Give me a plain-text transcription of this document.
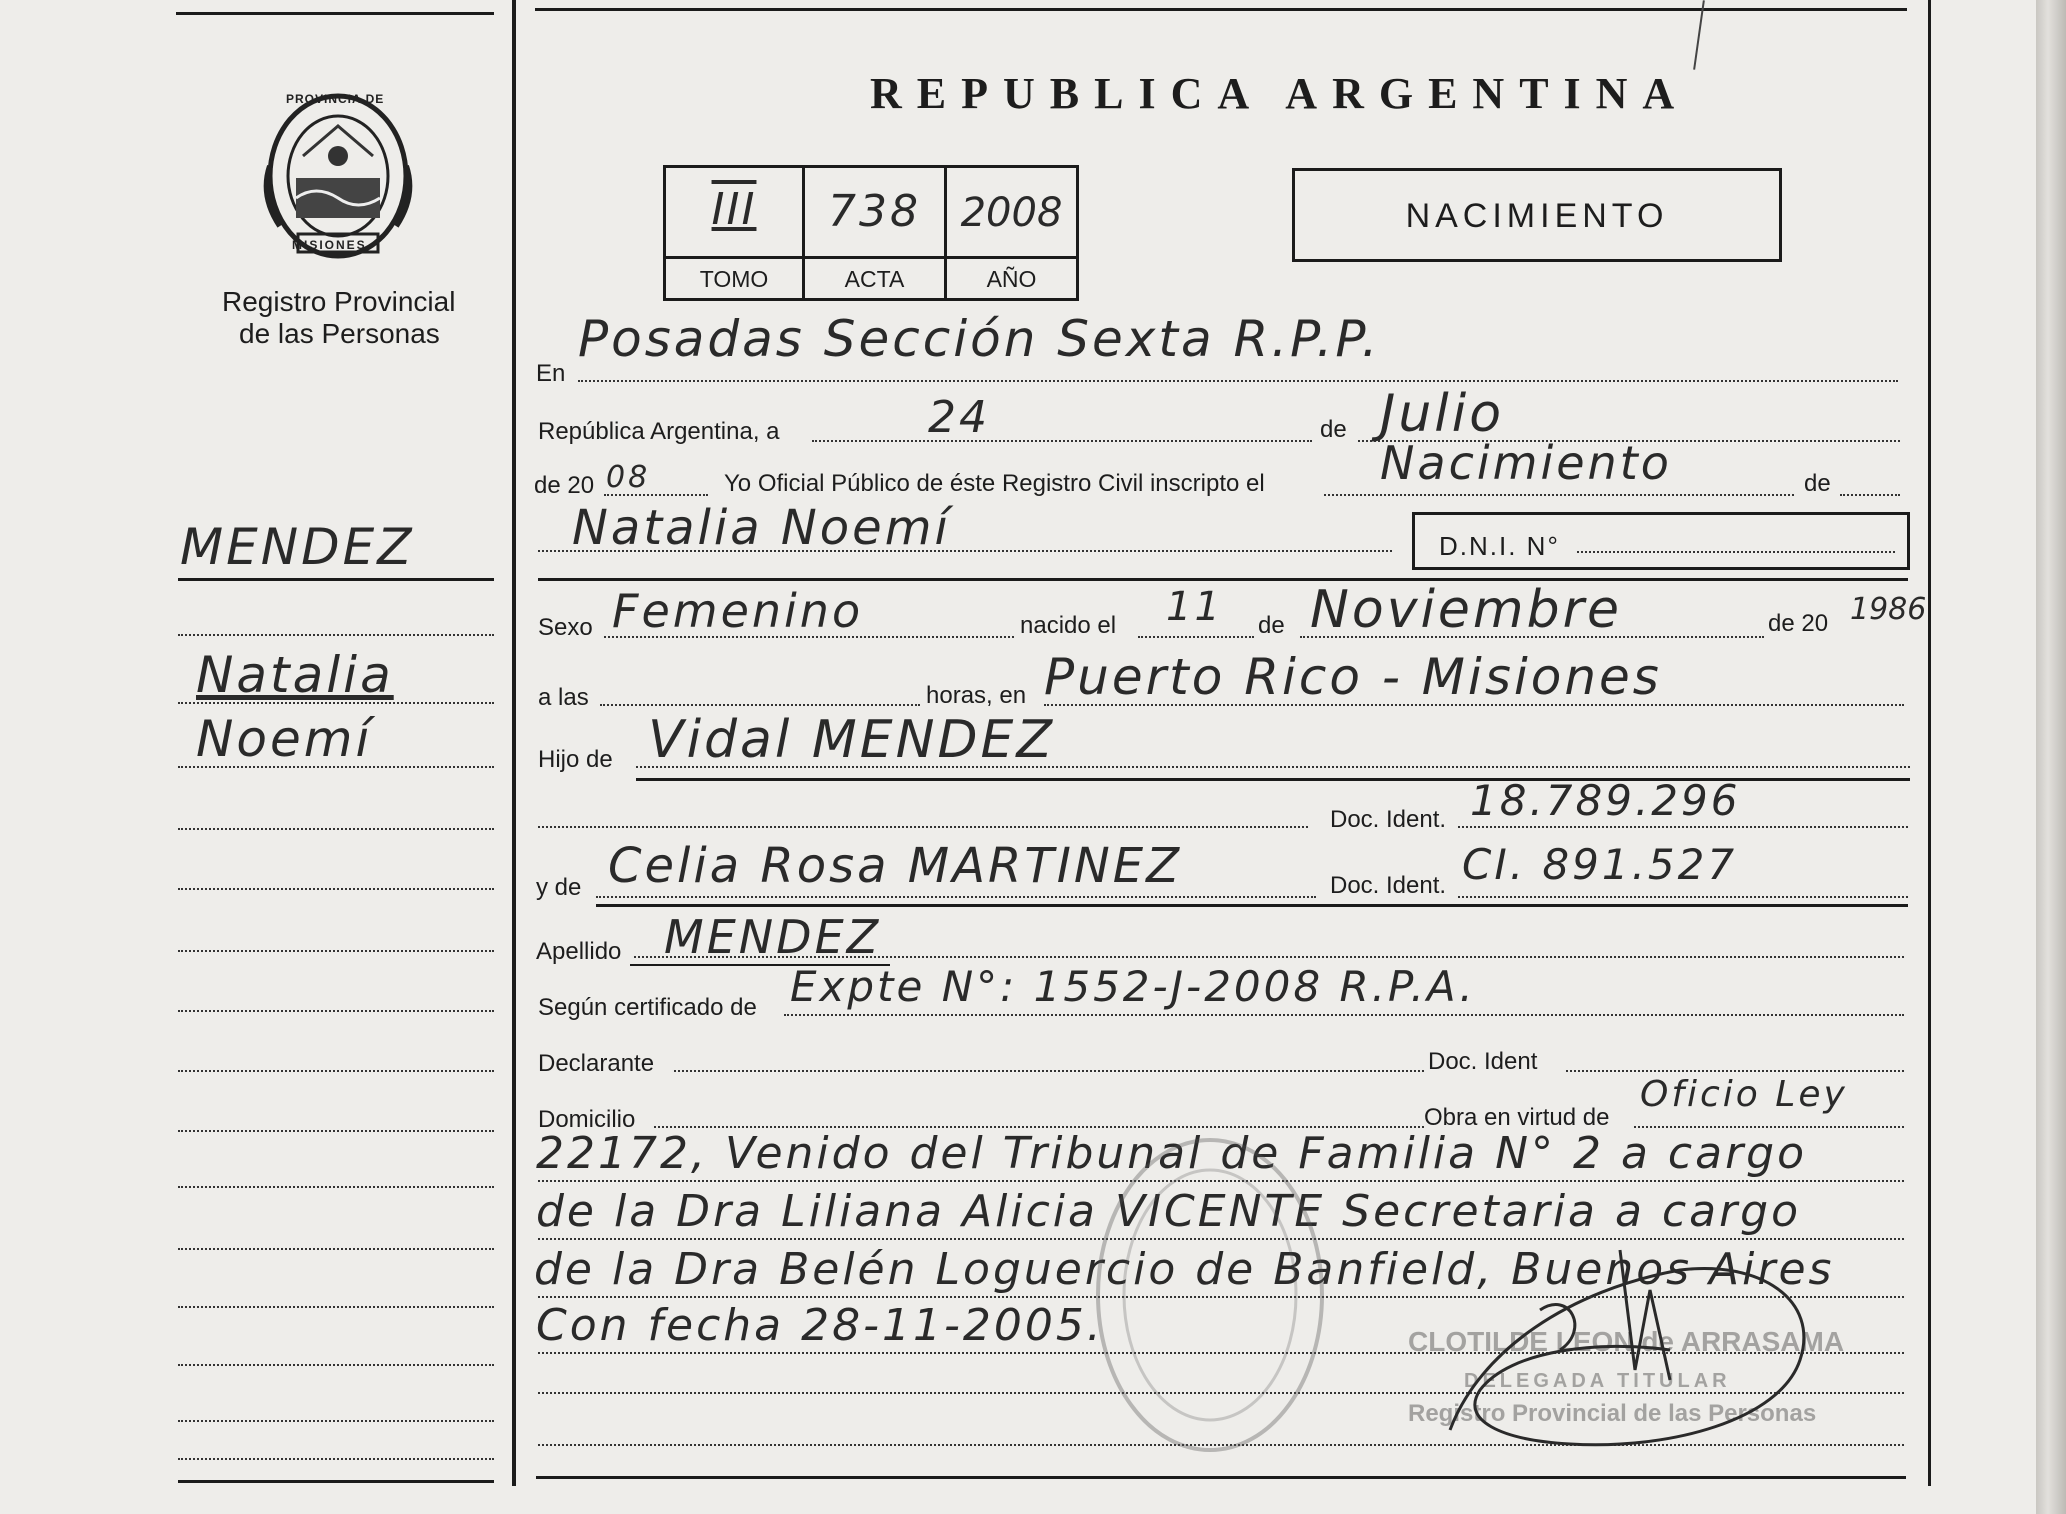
PROVINCIA DE
MISIONES
Registro Provincial
de las Personas
MENDEZ
Natalia
Noemí
REPUBLICA ARGENTINA
III	738 2008
TOMO	ACTA	AÑO
NACIMIENTO
Posadas Sección Sexta R.P.P.
En
República Argentina, a	24	de Julio
de 20 08	Yo Oficial Público de éste Registro Civil inscripto el	Nacimiento	de
Natalia Noemí	D.N.I. N°
Sexo Femenino	nacido el 11 de Noviembre	de 20 1986
a las	horas, en Puerto Rico - Misiones
Hijo de Vidal MENDEZ
Doc. Ident. 18.789.296
y de Celia Rosa MARTINEZ	Doc. Ident. CI. 891.527
Apellido MENDEZ
Según certificado de Expte N°: 1552-J-2008 R.P.A.
Declarante	Doc. Ident
Domicilio	Obra en virtud de
Oficio Ley
22172, Venido del Tribunal de Familia N° 2 a cargo
de la Dra Liliana Alicia VICENTE Secretaria a cargo
de la Dra Belén Loguercio de Banfield, Buenos Aires
Con fecha 28-11-2005.	CLOTILDE LEON de ARRASAMA
DELEGADA TITULAR
Registro Provincial de las Personas
